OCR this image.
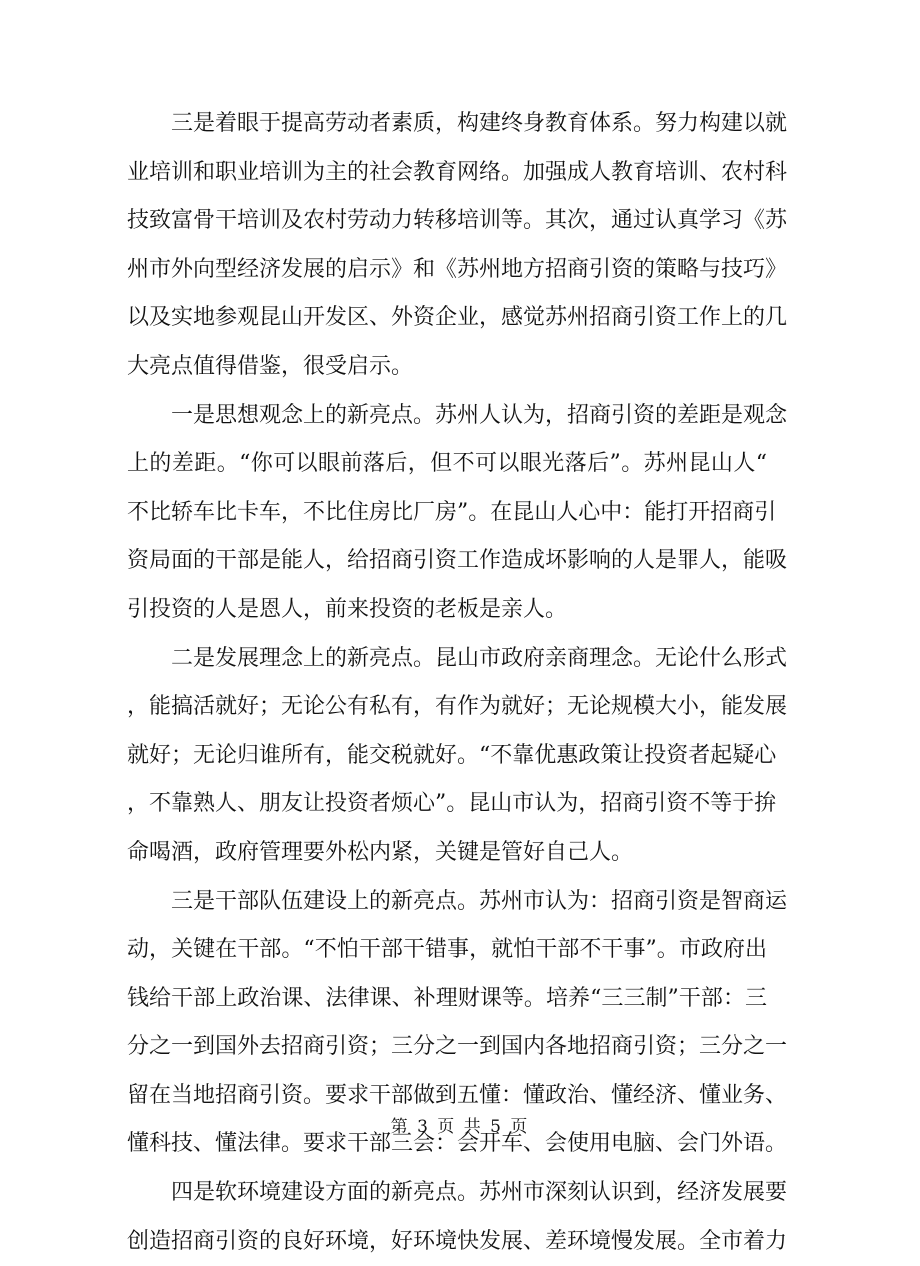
三是着眼于提高劳动者素质，构建终身教育体系。努力构建以就
业培训和职业培训为主的社会教育网络。加强成人教育培训、农村科
技致富骨干培训及农村劳动力转移培训等。其次，通过认真学习《苏
州市外向型经济发展的启示》和《苏州地方招商引资的策略与技巧》
以及实地参观昆山开发区、外资企业，感觉苏州招商引资工作上的几
大亮点值得借鉴，很受启示。
一是思想观念上的新亮点。苏州人认为，招商引资的差距是观念
上的差距。“你可以眼前落后，但不可以眼光落后”。苏州昆山人“
不比轿车比卡车，不比住房比厂房”。在昆山人心中：能打开招商引
资局面的干部是能人，给招商引资工作造成坏影响的人是罪人，能吸
引投资的人是恩人，前来投资的老板是亲人。
二是发展理念上的新亮点。昆山市政府亲商理念。无论什么形式
，能搞活就好；无论公有私有，有作为就好；无论规模大小，能发展
就好；无论归谁所有，能交税就好。“不靠优惠政策让投资者起疑心
，不靠熟人、朋友让投资者烦心”。昆山市认为，招商引资不等于拚
命喝酒，政府管理要外松内紧，关键是管好自己人。
三是干部队伍建设上的新亮点。苏州市认为：招商引资是智商运
动，关键在干部。“不怕干部干错事，就怕干部不干事”。市政府出
钱给干部上政治课、法律课、补理财课等。培养“三三制”干部：三
分之一到国外去招商引资；三分之一到国内各地招商引资；三分之一
留在当地招商引资。要求干部做到五懂：懂政治、懂经济、懂业务、
懂科技、懂法律。要求干部三会：会开车、会使用电脑、会门外语。
四是软环境建设方面的新亮点。苏州市深刻认识到，经济发展要
创造招商引资的良好环境，好环境快发展、差环境慢发展。全市着力
第 3 页 共 5 页
